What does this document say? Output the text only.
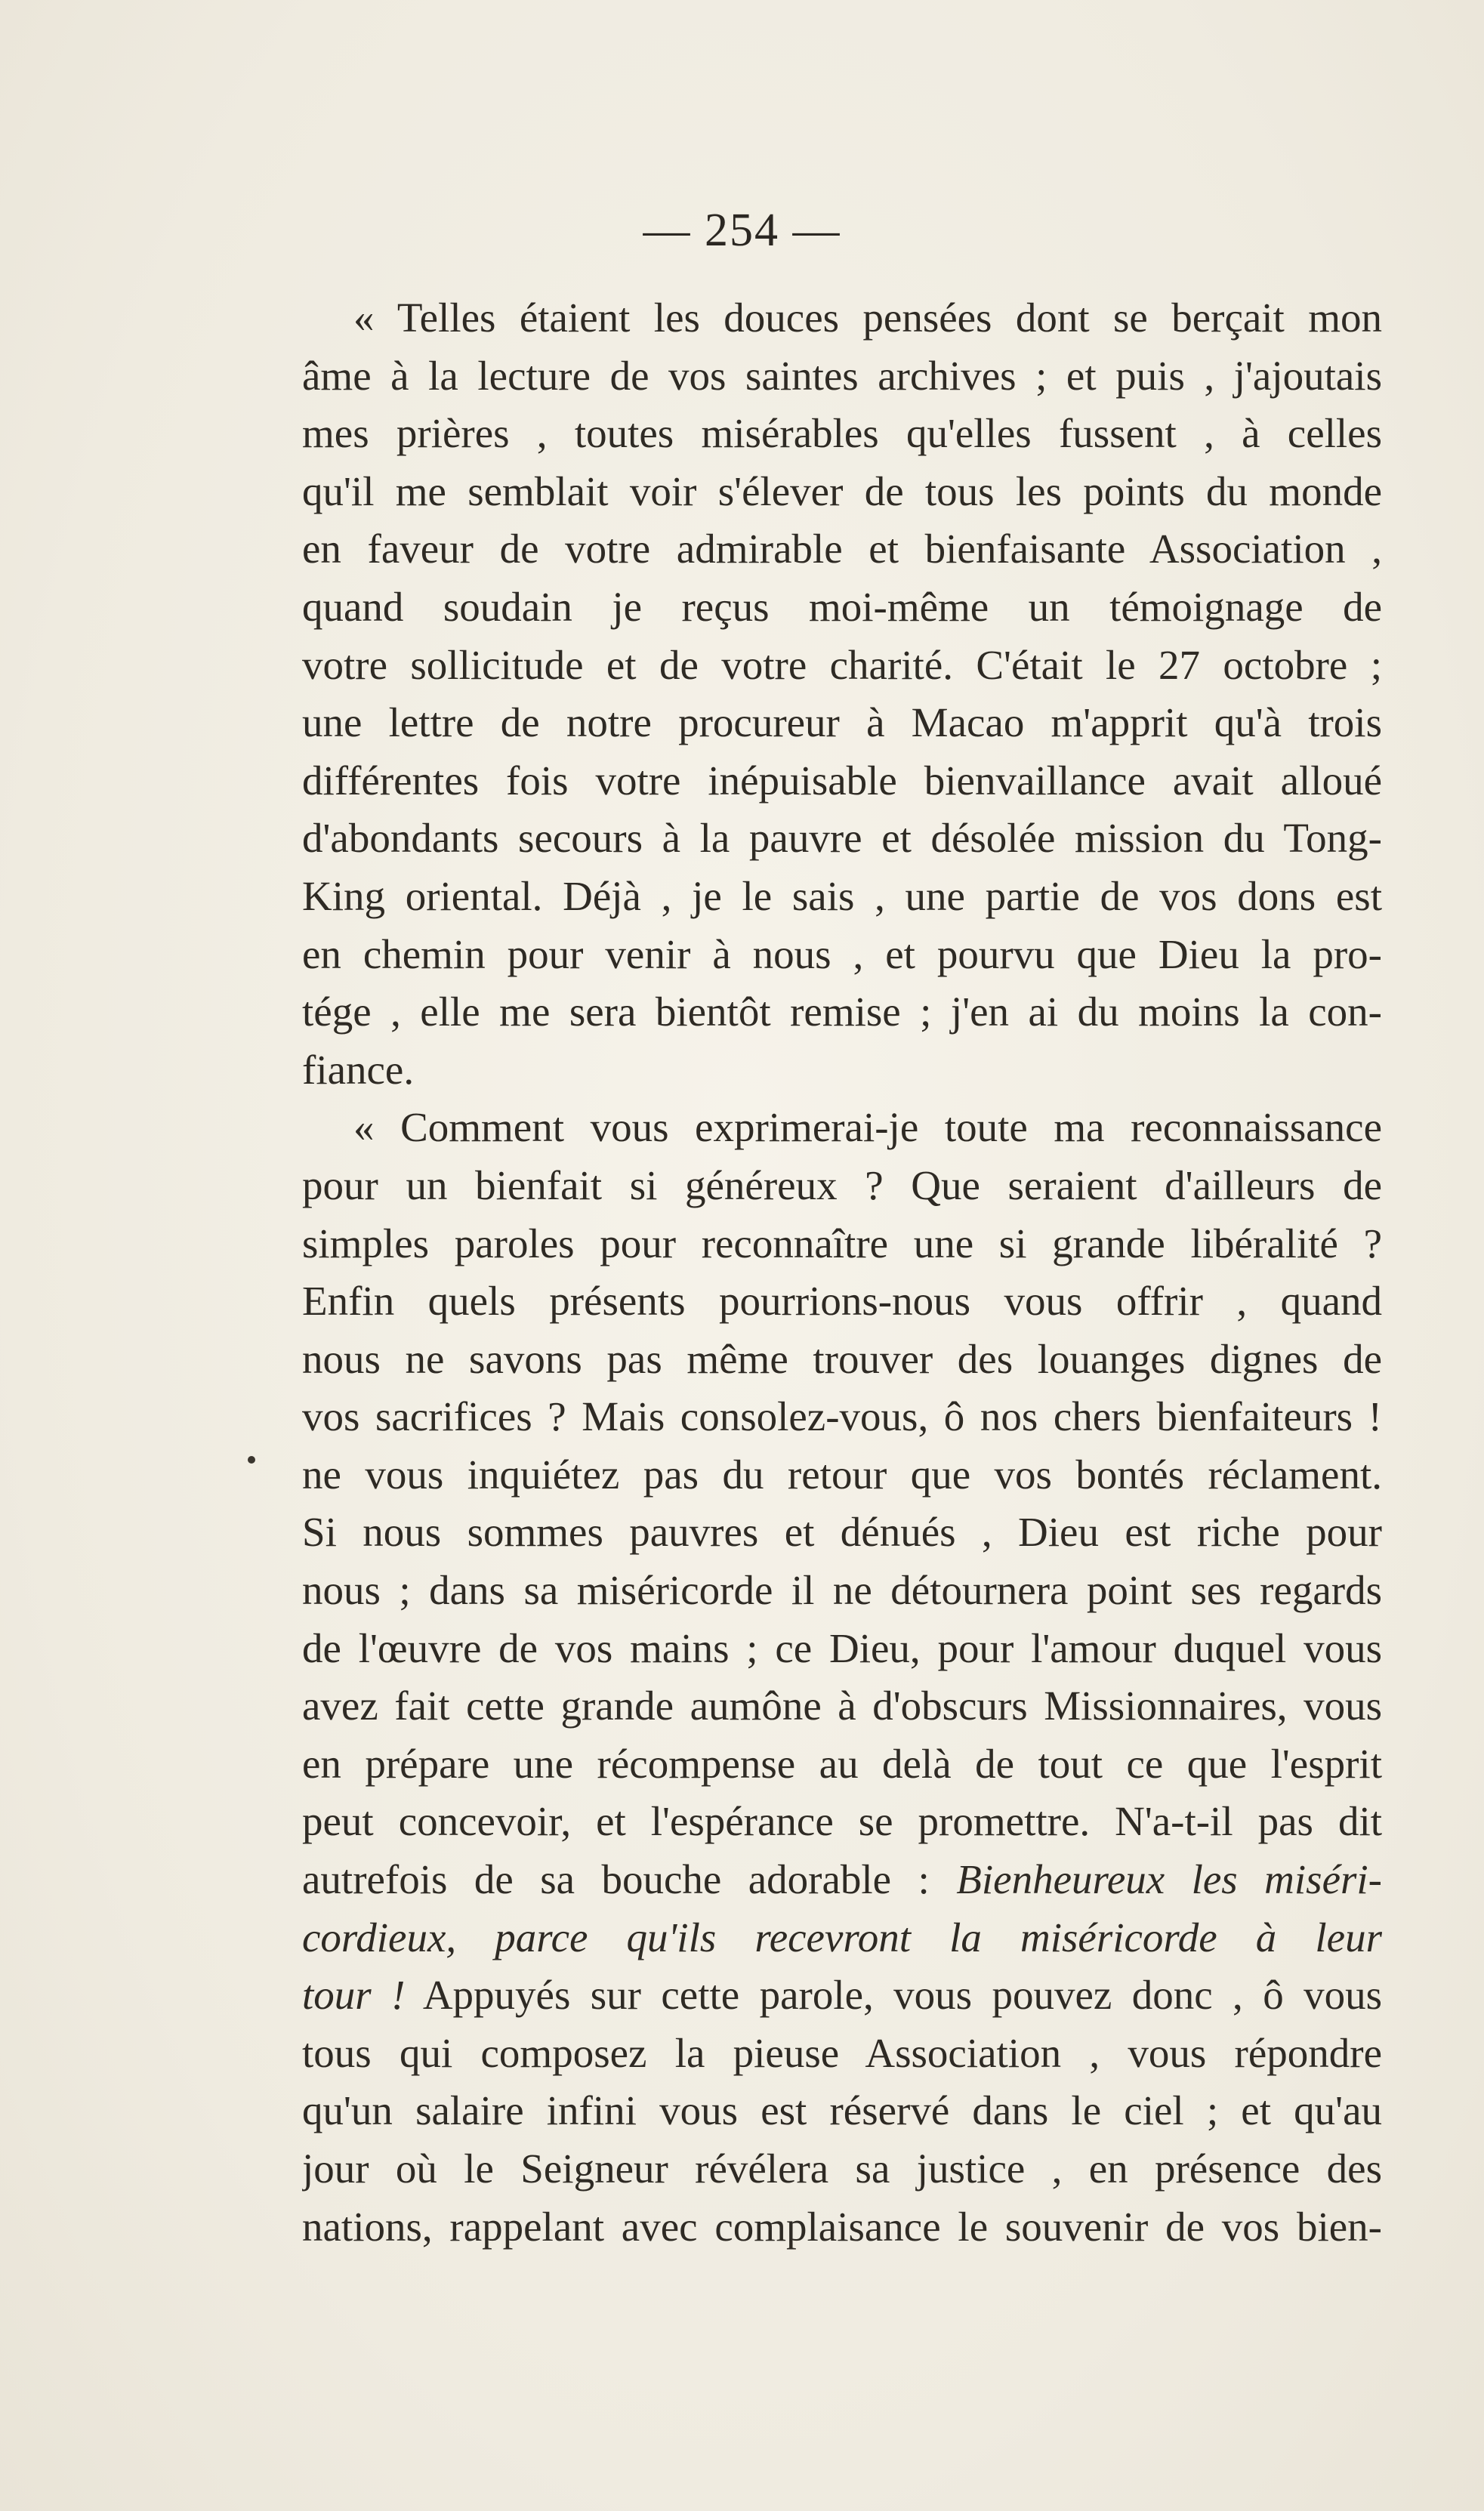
— 254 —
« Telles étaient les douces pensées dont se berçait mon
âme à la lecture de vos saintes archives ; et puis , j'ajoutais
mes prières , toutes misérables qu'elles fussent , à celles
qu'il me semblait voir s'élever de tous les points du monde
en faveur de votre admirable et bienfaisante Association ,
quand soudain je reçus moi-même un témoignage de
votre sollicitude et de votre charité. C'était le 27 octobre ;
une lettre de notre procureur à Macao m'apprit qu'à trois
différentes fois votre inépuisable bienvaillance avait alloué
d'abondants secours à la pauvre et désolée mission du Tong-
King oriental. Déjà , je le sais , une partie de vos dons est
en chemin pour venir à nous , et pourvu que Dieu la pro-
tége , elle me sera bientôt remise ; j'en ai du moins la con-
fiance.
« Comment vous exprimerai-je toute ma reconnaissance
pour un bienfait si généreux ? Que seraient d'ailleurs de
simples paroles pour reconnaître une si grande libéralité ?
Enfin quels présents pourrions-nous vous offrir , quand
nous ne savons pas même trouver des louanges dignes de
vos sacrifices ? Mais consolez-vous, ô nos chers bienfaiteurs !
ne vous inquiétez pas du retour que vos bontés réclament.
Si nous sommes pauvres et dénués , Dieu est riche pour
nous ; dans sa miséricorde il ne détournera point ses regards
de l'œuvre de vos mains ; ce Dieu, pour l'amour duquel vous
avez fait cette grande aumône à d'obscurs Missionnaires, vous
en prépare une récompense au delà de tout ce que l'esprit
peut concevoir, et l'espérance se promettre. N'a-t-il pas dit
autrefois de sa bouche adorable : Bienheureux les miséri-
cordieux, parce qu'ils recevront la miséricorde à leur
tour ! Appuyés sur cette parole, vous pouvez donc , ô vous
tous qui composez la pieuse Association , vous répondre
qu'un salaire infini vous est réservé dans le ciel ; et qu'au
jour où le Seigneur révélera sa justice , en présence des
nations, rappelant avec complaisance le souvenir de vos bien-
